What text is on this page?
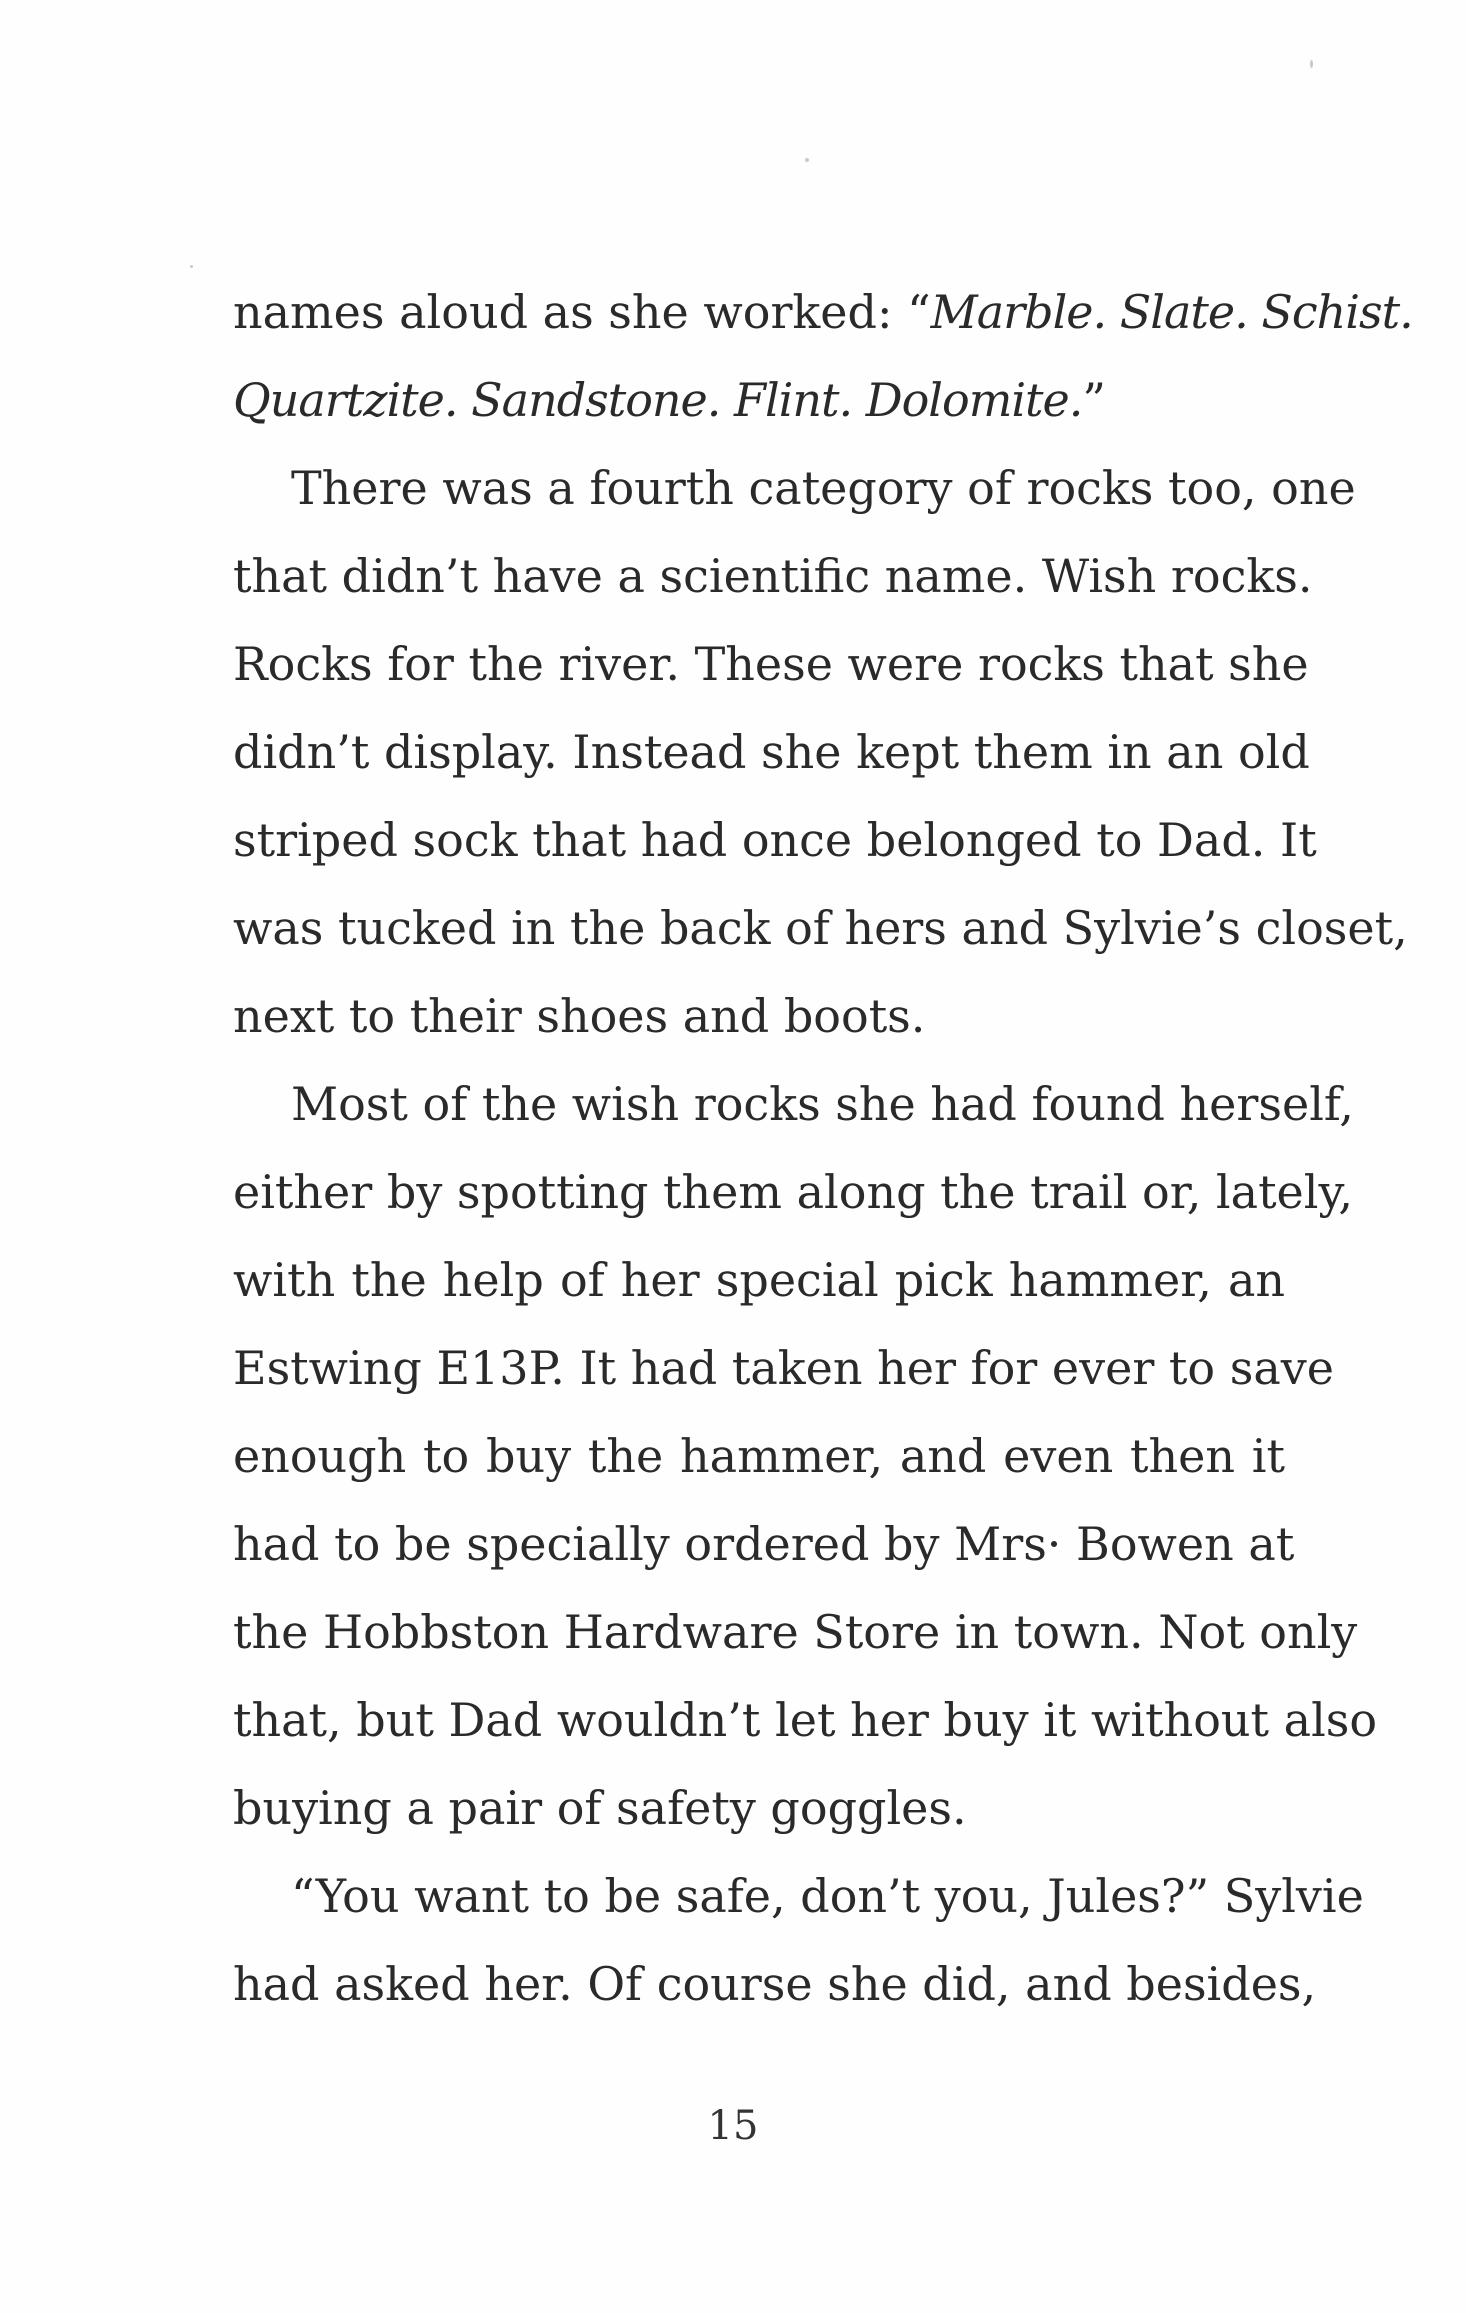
names aloud as she worked: “Marble. Slate. Schist.
Quartzite. Sandstone. Flint. Dolomite.”
There was a fourth category of rocks too, one
that didn’t have a scientific name. Wish rocks.
Rocks for the river. These were rocks that she
didn’t display. Instead she kept them in an old
striped sock that had once belonged to Dad. It
was tucked in the back of hers and Sylvie’s closet,
next to their shoes and boots.
Most of the wish rocks she had found herself,
either by spotting them along the trail or, lately,
with the help of her special pick hammer, an
Estwing E13P. It had taken her for ever to save
enough to buy the hammer, and even then it
had to be specially ordered by Mrs· Bowen at
the Hobbston Hardware Store in town. Not only
that, but Dad wouldn’t let her buy it without also
buying a pair of safety goggles.
“You want to be safe, don’t you, Jules?” Sylvie
had asked her. Of course she did, and besides,
15
